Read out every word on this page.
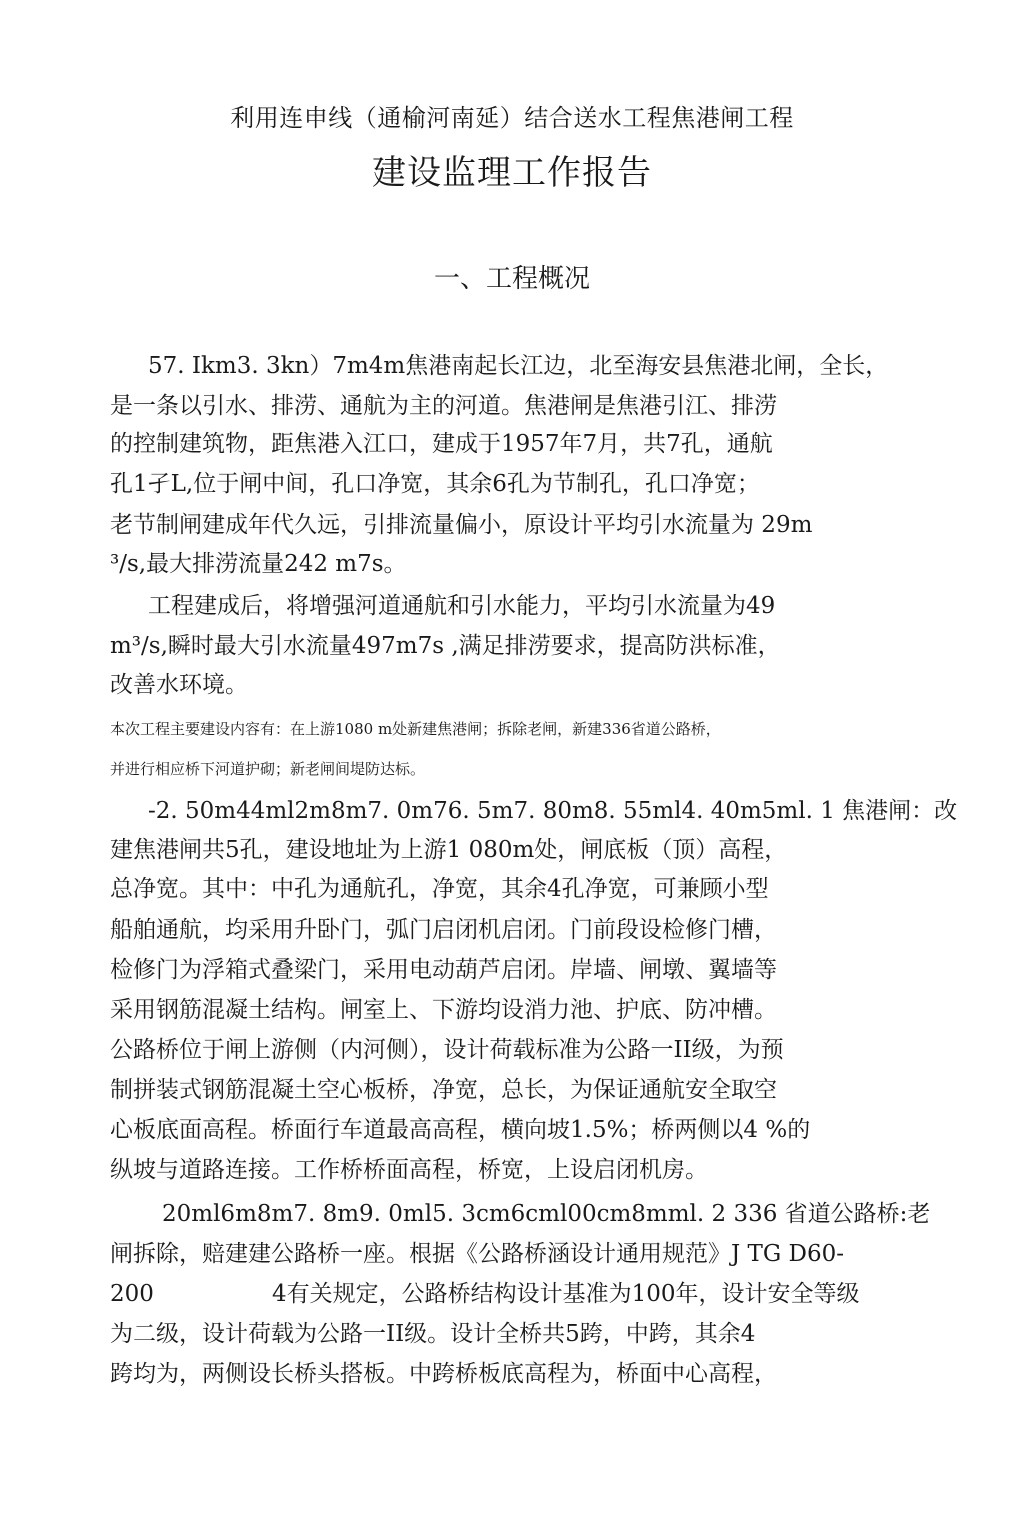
利用连申线（通榆河南延）结合送水工程焦港闸工程
建设监理工作报告
一、工程概况
57. Ikm3. 3kn）7m4m焦港南起长江边，北至海安县焦港北闸，全长，
是一条以引水、排涝、通航为主的河道。焦港闸是焦港引江、排涝
的控制建筑物，距焦港入江口，建成于1957年7月，共7孔，通航
孔1孑L,位于闸中间，孔口净宽，其余6孔为节制孔，孔口净宽；
老节制闸建成年代久远，引排流量偏小，原设计平均引水流量为 29m
³/s,最大排涝流量242 m7s。
工程建成后，将增强河道通航和引水能力，平均引水流量为49
m³/s,瞬时最大引水流量497m7s ,满足排涝要求，提高防洪标准，
改善水环境。
本次工程主要建设内容有：在上游1080 m处新建焦港闸；拆除老闸，新建336省道公路桥，
并进行相应桥下河道护砌；新老闸间堤防达标。
-2. 50m44ml2m8m7. 0m76. 5m7. 80m8. 55ml4. 40m5ml. 1 焦港闸：改
建焦港闸共5孔，建设地址为上游1 080m处，闸底板（顶）高程，
总净宽。其中：中孔为通航孔，净宽，其余4孔净宽，可兼顾小型
船舶通航，均采用升卧门，弧门启闭机启闭。门前段设检修门槽，
检修门为浮箱式叠梁门，采用电动葫芦启闭。岸墙、闸墩、翼墙等
采用钢筋混凝土结构。闸室上、下游均设消力池、护底、防冲槽。
公路桥位于闸上游侧（内河侧），设计荷载标准为公路一II级，为预
制拼装式钢筋混凝土空心板桥，净宽，总长，为保证通航安全取空
心板底面高程。桥面行车道最高高程，横向坡1.5%；桥两侧以4 %的
纵坡与道路连接。工作桥桥面高程，桥宽，上设启闭机房。
20ml6m8m7. 8m9. 0ml5. 3cm6cml00cm8mml. 2 336 省道公路桥:老
闸拆除，赔建建公路桥一座。根据《公路桥涵设计通用规范》J TG D60-
200	4有关规定，公路桥结构设计基准为100年，设计安全等级
为二级，设计荷载为公路一II级。设计全桥共5跨，中跨，其余4
跨均为，两侧设长桥头搭板。中跨桥板底高程为，桥面中心高程，
